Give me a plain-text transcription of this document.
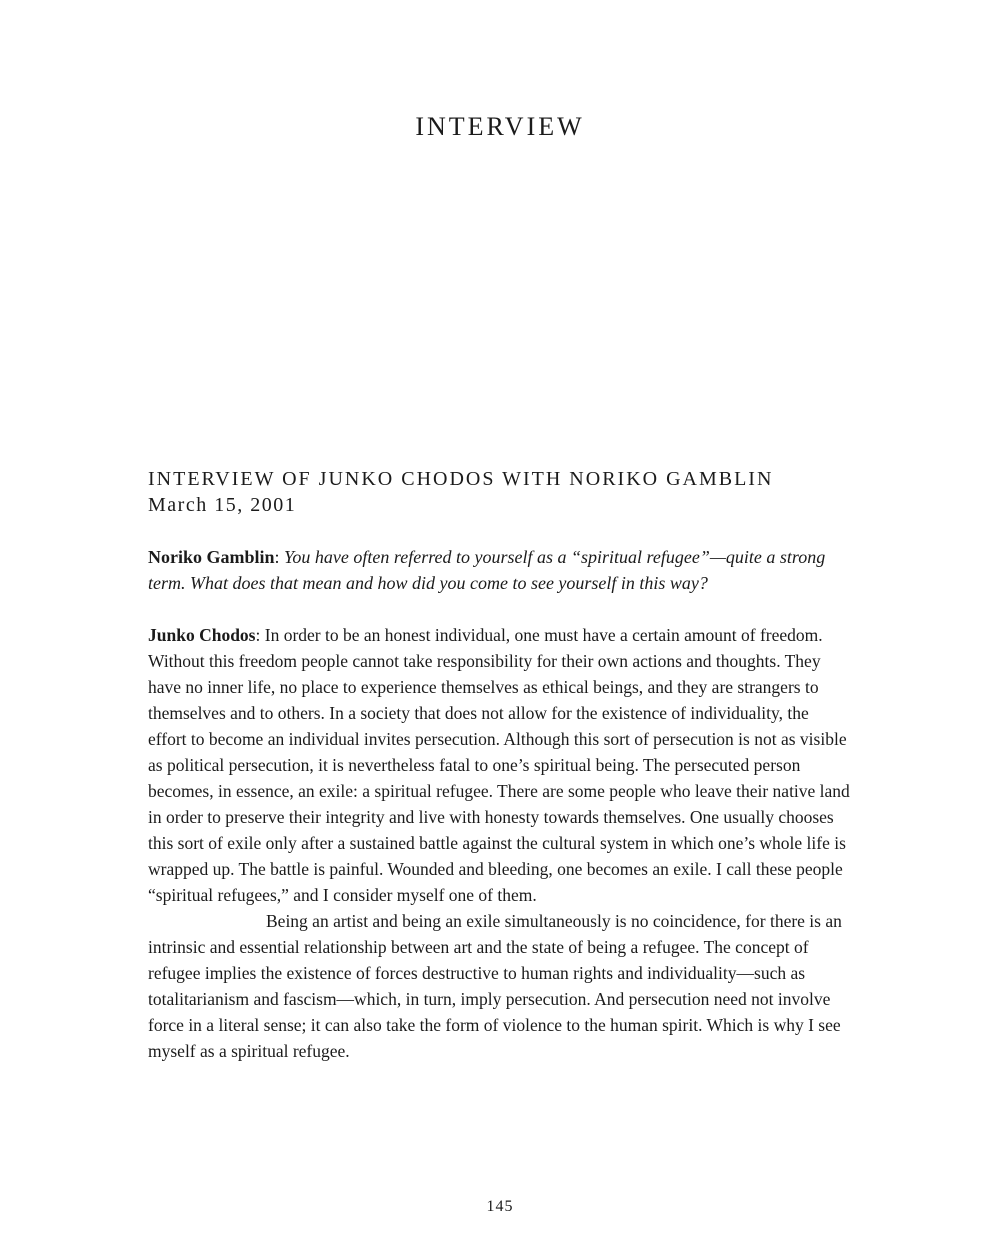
INTERVIEW
INTERVIEW OF JUNKO CHODOS WITH NORIKO GAMBLIN
March 15, 2001

Noriko Gamblin: You have often referred to yourself as a “spiritual refugee”—quite a strong term. What does that mean and how did you come to see yourself in this way?

Junko Chodos: In order to be an honest individual, one must have a certain amount of freedom. Without this freedom people cannot take responsibility for their own actions and thoughts. They have no inner life, no place to experience themselves as ethical beings, and they are strangers to themselves and to others. In a society that does not allow for the existence of individuality, the effort to become an individual invites persecution. Although this sort of persecution is not as visible as political persecution, it is nevertheless fatal to one’s spiritual being. The persecuted person becomes, in essence, an exile: a spiritual refugee. There are some people who leave their native land in order to preserve their integrity and live with honesty towards themselves. One usually chooses this sort of exile only after a sustained battle against the cultural system in which one’s whole life is wrapped up. The battle is painful. Wounded and bleeding, one becomes an exile. I call these people “spiritual refugees,” and I consider myself one of them.

Being an artist and being an exile simultaneously is no coincidence, for there is an intrinsic and essential relationship between art and the state of being a refugee. The concept of refugee implies the existence of forces destructive to human rights and individuality—such as totalitarianism and fascism—which, in turn, imply persecution. And persecution need not involve force in a literal sense; it can also take the form of violence to the human spirit. Which is why I see myself as a spiritual refugee.

145
